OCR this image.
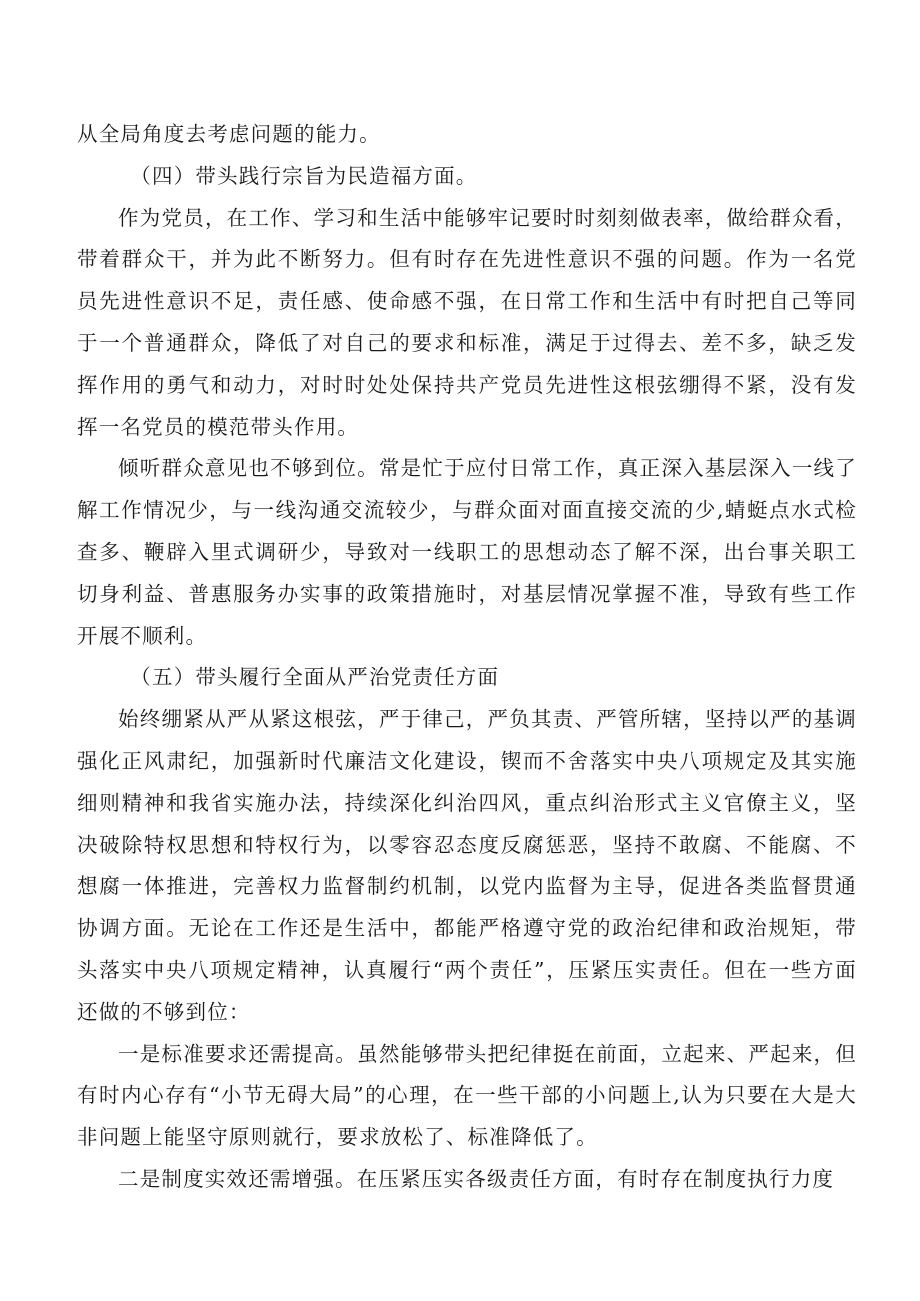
从全局角度去考虑问题的能力。

（四）带头践行宗旨为民造福方面。

作为党员，在工作、学习和生活中能够牢记要时时刻刻做表率，做给群众看，带着群众干，并为此不断努力。但有时存在先进性意识不强的问题。作为一名党员先进性意识不足，责任感、使命感不强，在日常工作和生活中有时把自己等同于一个普通群众，降低了对自己的要求和标准，满足于过得去、差不多，缺乏发挥作用的勇气和动力，对时时处处保持共产党员先进性这根弦绷得不紧，没有发挥一名党员的模范带头作用。

倾听群众意见也不够到位。常是忙于应付日常工作，真正深入基层深入一线了解工作情况少，与一线沟通交流较少，与群众面对面直接交流的少,蜻蜓点水式检查多、鞭辟入里式调研少，导致对一线职工的思想动态了解不深，出台事关职工切身利益、普惠服务办实事的政策措施时，对基层情况掌握不准，导致有些工作开展不顺利。

（五）带头履行全面从严治党责任方面

始终绷紧从严从紧这根弦，严于律己，严负其责、严管所辖，坚持以严的基调强化正风肃纪，加强新时代廉洁文化建设，锲而不舍落实中央八项规定及其实施细则精神和我省实施办法，持续深化纠治四风，重点纠治形式主义官僚主义，坚决破除特权思想和特权行为，以零容忍态度反腐惩恶，坚持不敢腐、不能腐、不想腐一体推进，完善权力监督制约机制，以党内监督为主导，促进各类监督贯通协调方面。无论在工作还是生活中，都能严格遵守党的政治纪律和政治规矩，带头落实中央八项规定精神，认真履行“两个责任”，压紧压实责任。但在一些方面还做的不够到位：

一是标准要求还需提高。虽然能够带头把纪律挺在前面，立起来、严起来，但有时内心存有“小节无碍大局”的心理，在一些干部的小问题上,认为只要在大是大非问题上能坚守原则就行，要求放松了、标准降低了。

二是制度实效还需增强。在压紧压实各级责任方面，有时存在制度执行力度
